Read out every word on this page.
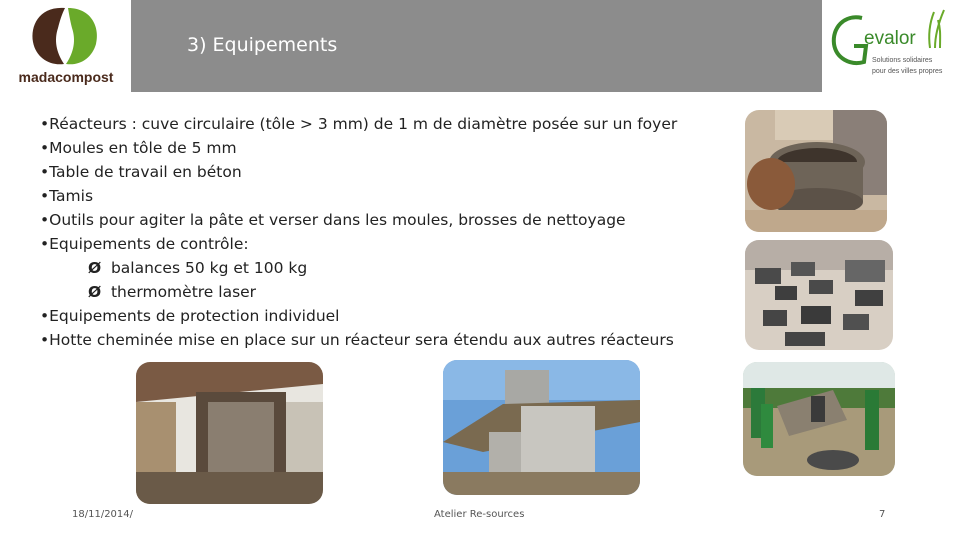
madacompost
3) Equipements	evalor
Solutions solidaires
pour des villes propres
•Réacteurs : cuve circulaire (tôle > 3 mm) de 1 m de diamètre posée sur un foyer
•Moules en tôle de 5 mm
•Table de travail en béton
•Tamis
•Outils pour agiter la pâte et verser dans les moules, brosses de nettoyage
•Equipements de contrôle:
Ø balances 50 kg et 100 kg
Ø thermomètre laser
•Equipements de protection individuel
•Hotte cheminée mise en place sur un réacteur sera étendu aux autres réacteurs
18/11/2014/	Atelier Re-sources	7
